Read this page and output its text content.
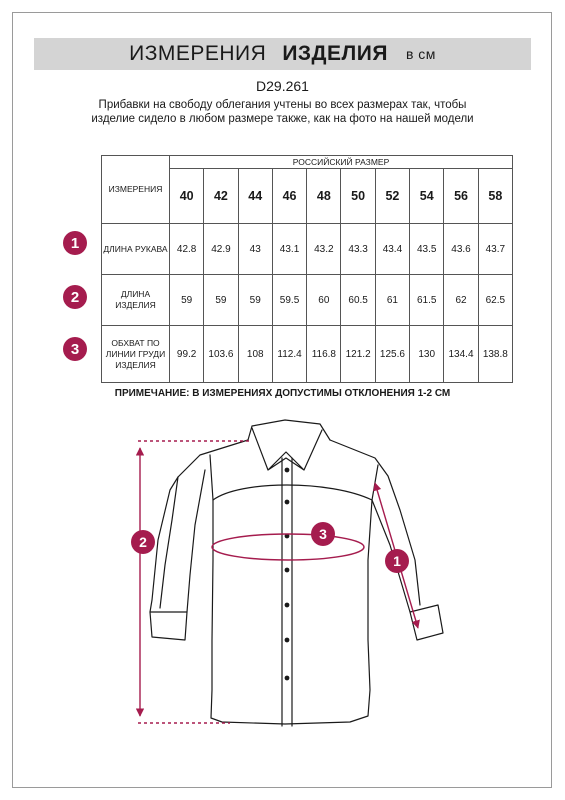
ИЗМЕРЕНИЯ ИЗДЕЛИЯ в см
D29.261
Прибавки на свободу облегания учтены во всех размерах так, чтобы изделие сидело в любом размере также, как на фото на нашей модели
ИЗМЕРЕНИЯ	РОССИЙСКИЙ РАЗМЕР									
	40	42	44	46	48	50	52	54	56	58
ДЛИНА РУКАВА	42.8	42.9	43	43.1	43.2	43.3	43.4	43.5	43.6	43.7
ДЛИНА ИЗДЕЛИЯ	59	59	59	59.5	60	60.5	61	61.5	62	62.5
ОБХВАТ ПО ЛИНИИ ГРУДИ ИЗДЕЛИЯ	99.2	103.6	108	112.4	116.8	121.2	125.6	130	134.4	138.8
1
2
3
ПРИМЕЧАНИЕ: В ИЗМЕРЕНИЯХ ДОПУСТИМЫ ОТКЛОНЕНИЯ 1-2 СМ
2	3
1
